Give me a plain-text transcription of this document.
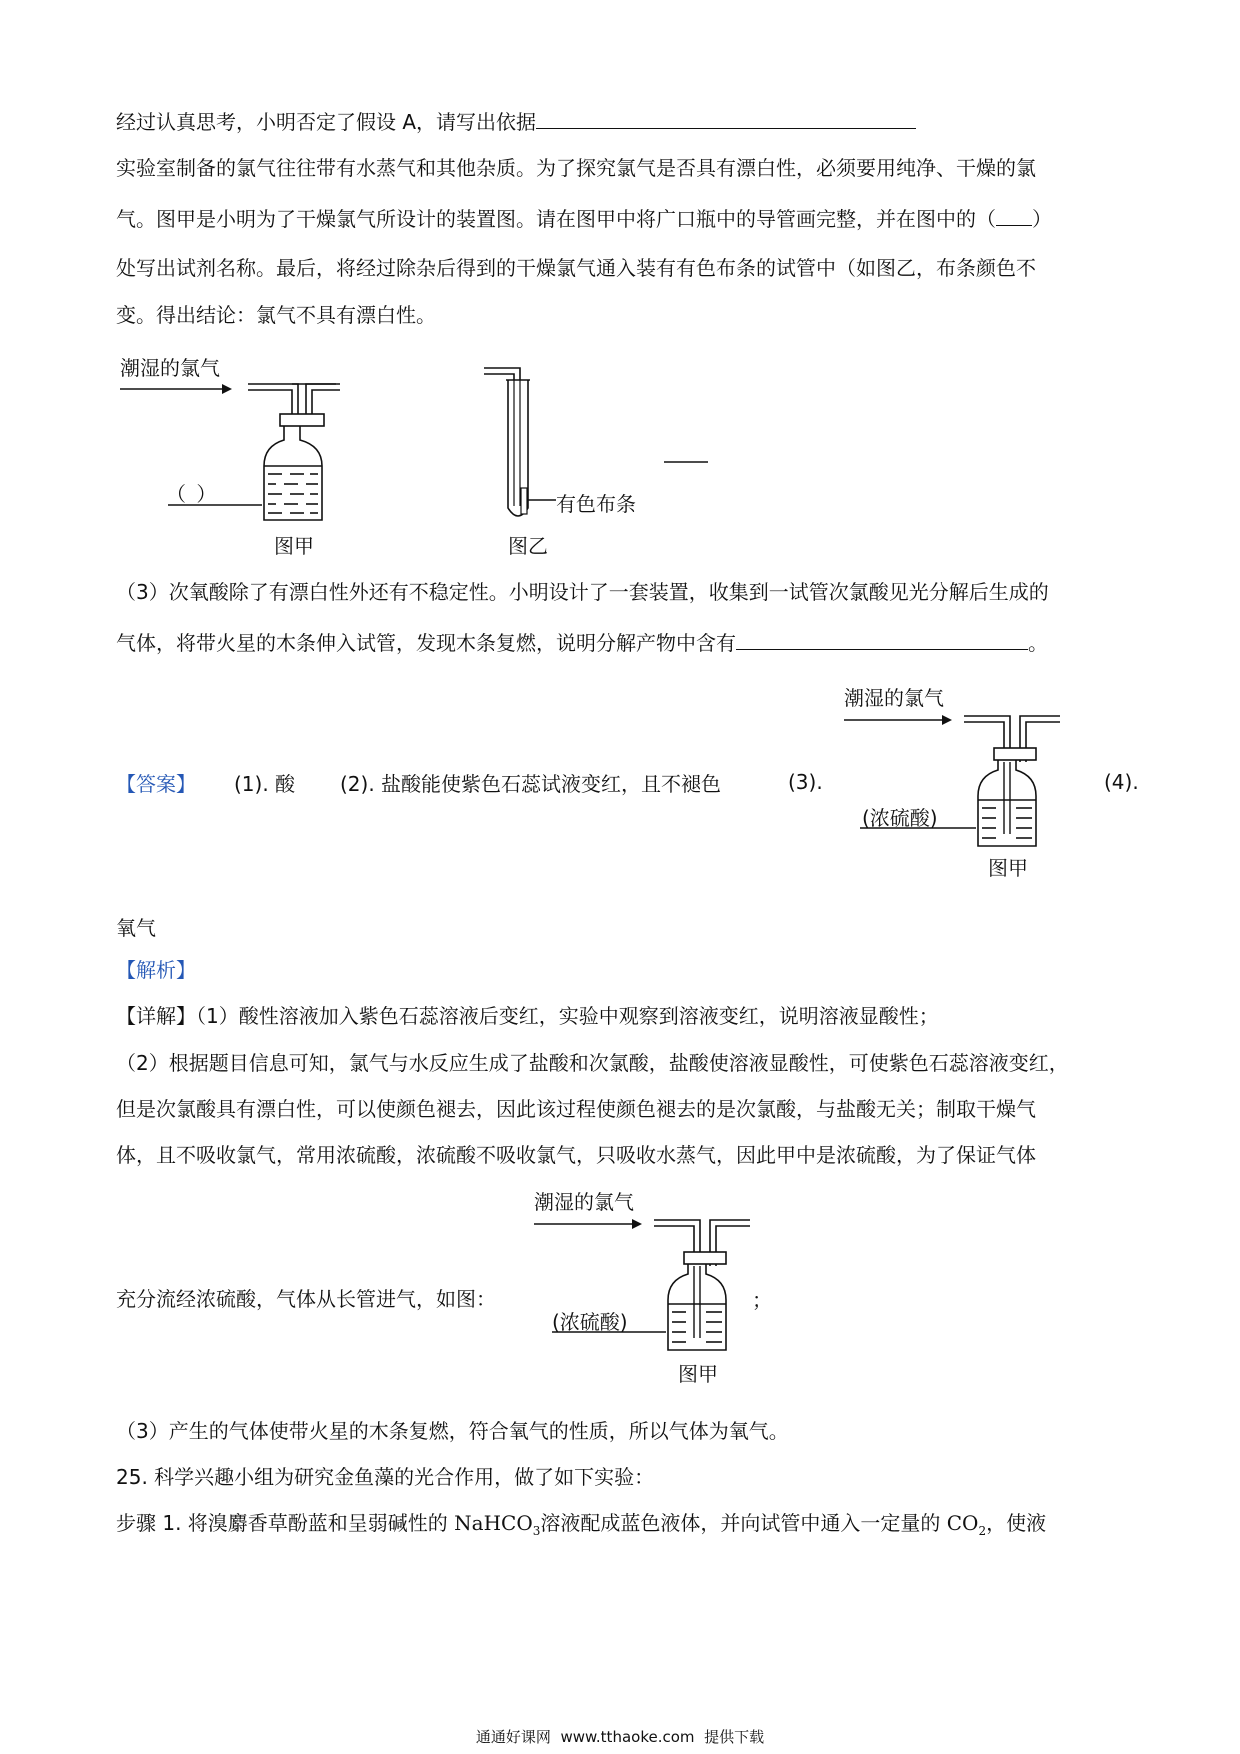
经过认真思考，小明否定了假设 A，请写出依据
实验室制备的氯气往往带有水蒸气和其他杂质。为了探究氯气是否具有漂白性，必须要用纯净、干燥的氯
气。图甲是小明为了干燥氯气所设计的装置图。请在图甲中将广口瓶中的导管画完整，并在图中的（ ）
处写出试剂名称。最后，将经过除杂后得到的干燥氯气通入装有有色布条的试管中（如图乙，布条颜色不
变。得出结论：氯气不具有漂白性。
潮湿的氯气
（ ）
图甲
有色布条
图乙
（3）次氧酸除了有漂白性外还有不稳定性。小明设计了一套装置，收集到一试管次氯酸见光分解后生成的
气体，将带火星的木条伸入试管，发现木条复燃，说明分解产物中含有	。
【答案】 (1). 酸 (2). 盐酸能使紫色石蕊试液变红，且不褪色	(3).	(4).
潮湿的氯气
(浓硫酸)
图甲
氧气
【解析】
【详解】（1）酸性溶液加入紫色石蕊溶液后变红，实验中观察到溶液变红，说明溶液显酸性；
（2）根据题目信息可知，氯气与水反应生成了盐酸和次氯酸，盐酸使溶液显酸性，可使紫色石蕊溶液变红，
但是次氯酸具有漂白性，可以使颜色褪去，因此该过程使颜色褪去的是次氯酸，与盐酸无关；制取干燥气
体，且不吸收氯气，常用浓硫酸，浓硫酸不吸收氯气，只吸收水蒸气，因此甲中是浓硫酸，为了保证气体
潮湿的氯气
(浓硫酸)
图甲
充分流经浓硫酸，气体从长管进气，如图：	；
（3）产生的气体使带火星的木条复燃，符合氧气的性质，所以气体为氧气。
25. 科学兴趣小组为研究金鱼藻的光合作用，做了如下实验：
步骤 1. 将溴麝香草酚蓝和呈弱碱性的 NaHCO$_3$溶液配成蓝色液体，并向试管中通入一定量的 $CO_2$，使液
通通好课网 www.tthaoke.com 提供下载
